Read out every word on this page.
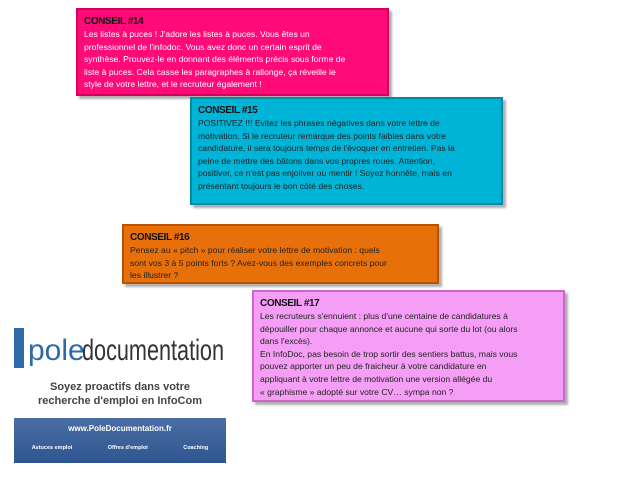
CONSEIL #14
Les listes à puces ! J'adore les listes à puces. Vous êtes un
professionnel de l'infodoc. Vous avez donc un certain esprit de
synthèse. Prouvez-le en donnant des éléments précis sous forme de
liste à puces. Cela casse les paragraphes à rallonge, ça réveille le
style de votre lettre, et le recruteur également !
CONSEIL #15
POSITIVEZ !!! Evitez les phrases négatives dans votre lettre de
motivation. Si le recruteur remarque des points faibles dans votre
candidature, il sera toujours temps de l'évoquer en entretien. Pas la
peine de mettre des bâtons dans vos propres roues. Attention,
positiver, ce n'est pas enjoliver ou mentir ! Soyez honnête, mais en
présentant toujours le bon côté des choses.
CONSEIL #16
Pensez au « pitch » pour réaliser votre lettre de motivation : quels
sont vos 3 à 5 points forts ? Avez-vous des exemples concrets pour
les illustrer ?
CONSEIL #17
Les recruteurs s'ennuient : plus d'une centaine de candidatures à
dépouiller pour chaque annonce et aucune qui sorte du lot (ou alors
dans l'excès).
En InfoDoc, pas besoin de trop sortir des sentiers battus, mais vous
pouvez apporter un peu de fraicheur à votre candidature en
appliquant à votre lettre de motivation une version allégée du
« graphisme » adopté sur votre CV… sympa non ?
pole
documentation
Soyez proactifs dans votre
recherche d'emploi en InfoCom
www.PoleDocumentation.fr
Astuces emploi	Offres d'emploi	Coaching
